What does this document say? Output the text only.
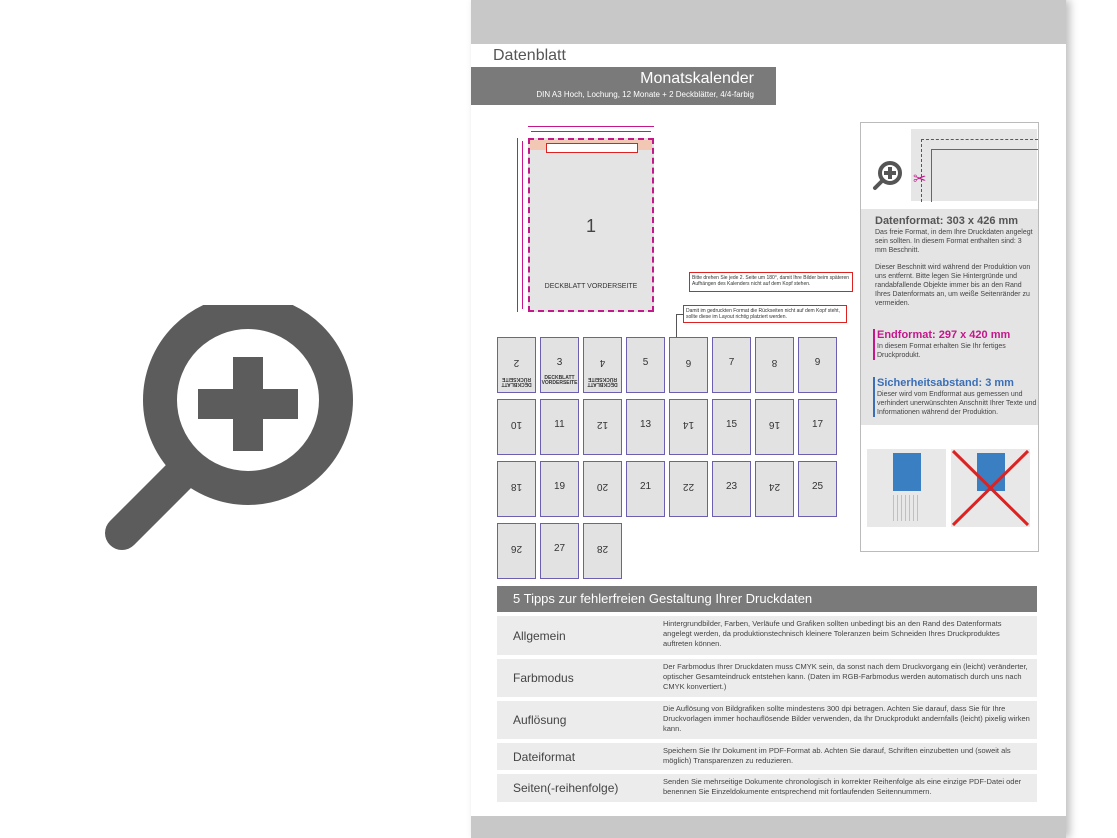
Datenblatt
Monatskalender
DIN A3 Hoch, Lochung, 12 Monate + 2 Deckblätter, 4/4-farbig
1
DECKBLATT VORDERSEITE
Bitte drehen Sie jede 2. Seite um 180°, damit Ihre Bilder beim späteren Aufhängen des Kalenders nicht auf dem Kopf stehen.
Damit im gedruckten Format die Rückseiten nicht auf dem Kopf steht, sollte diese im Layout richtig platziert werden.
2
DECKBLATT RÜCKSEITE
3
DECKBLATT VORDERSEITE
4
DECKBLATT RÜCKSEITE
5	6	7	8	9
10	11	12	13	14	15	16	17
18	19	20	21	22	23	24	25
26	27	28
✂
Datenformat: 303 x 426 mm

Das freie Format, in dem Ihre Druckdaten angelegt sein sollten. In diesem Format enthalten sind: 3 mm Beschnitt.

Dieser Beschnitt wird während der Produktion von uns entfernt. Bitte legen Sie Hintergründe und randabfallende Objekte immer bis an den Rand Ihres Datenformats an, um weiße Seitenränder zu vermeiden.

Endformat: 297 x 420 mm

In diesem Format erhalten Sie Ihr fertiges Druckprodukt.

Sicherheitsabstand: 3 mm

Dieser wird vom Endformat aus gemessen und verhindert unerwünschten Anschnitt Ihrer Texte und Informationen während der Produktion.

5 Tipps zur fehlerfreien Gestaltung Ihrer Druckdaten
Allgemein
Hintergrundbilder, Farben, Verläufe und Grafiken sollten unbedingt bis an den Rand des Datenformats angelegt werden, da produktionstechnisch kleinere Toleranzen beim Schneiden Ihres Druckproduktes auftreten können.
Farbmodus
Der Farbmodus Ihrer Druckdaten muss CMYK sein, da sonst nach dem Druckvorgang ein (leicht) veränderter, optischer Gesamteindruck entstehen kann. (Daten im RGB-Farbmodus werden automatisch durch uns nach CMYK konvertiert.)
Auflösung
Die Auflösung von Bildgrafiken sollte mindestens 300 dpi betragen. Achten Sie darauf, dass Sie für Ihre Druckvorlagen immer hochauflösende Bilder verwenden, da Ihr Druckprodukt andernfalls (leicht) pixelig wirken kann.
Dateiformat	Speichern Sie Ihr Dokument im PDF-Format ab. Achten Sie darauf, Schriften einzubetten und (soweit als möglich) Transparenzen zu reduzieren.
Seiten(-reihenfolge)	Senden Sie mehrseitige Dokumente chronologisch in korrekter Reihenfolge als eine einzige PDF-Datei oder benennen Sie Einzeldokumente entsprechend mit fortlaufenden Seitennummern.
